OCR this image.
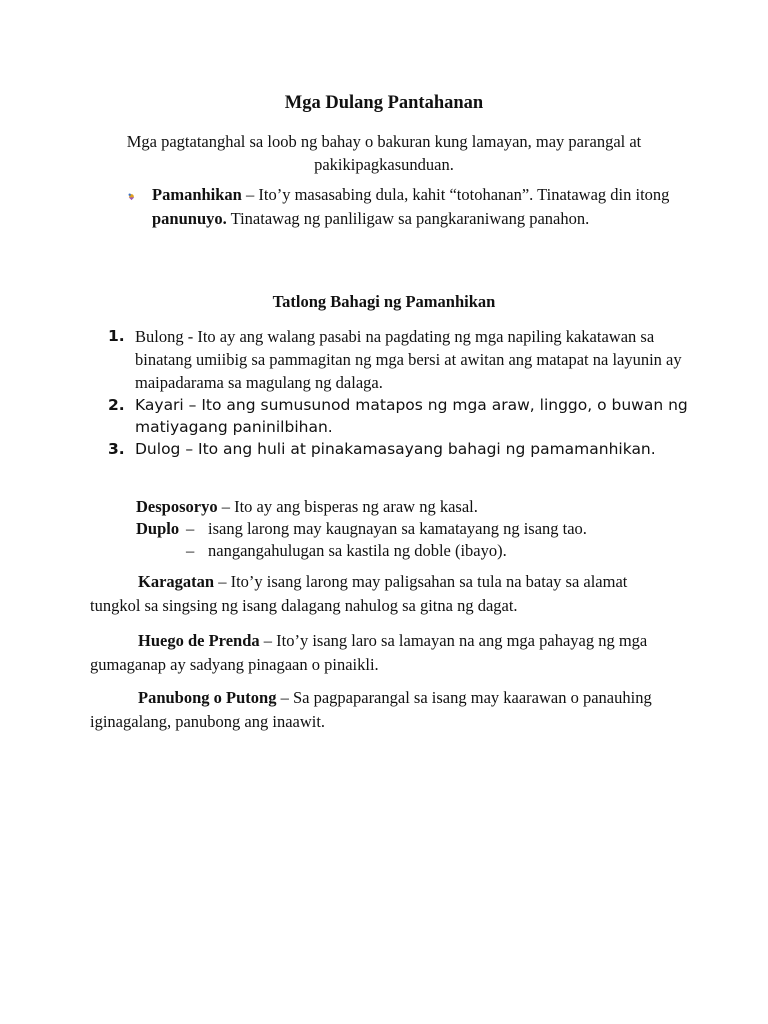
Mga Dulang Pantahanan
Mga pagtatanghal sa loob ng bahay o bakuran kung lamayan, may parangal at pakikipagkasunduan.
Pamanhikan – Ito’y masasabing dula, kahit “totohanan”. Tinatawag din itong panunuyo. Tinatawag ng panliligaw sa pangkaraniwang panahon.
Tatlong Bahagi ng Pamanhikan
1. Bulong - Ito ay ang walang pasabi na pagdating ng mga napiling kakatawan sa binatang umiibig sa pammagitan ng mga bersi at awitan ang matapat na layunin ay maipadarama sa magulang ng dalaga.
2. Kayari – Ito ang sumusunod matapos ng mga araw, linggo, o buwan ng matiyagang paninilbihan.
3. Dulog – Ito ang huli at pinakamasayang bahagi ng pamamanhikan.
Desposoryo – Ito ay ang bisperas ng araw ng kasal.
Duplo – isang larong may kaugnayan sa kamatayang ng isang tao.
– nangangahulugan sa kastila ng doble (ibayo).
Karagatan – Ito’y isang larong may paligsahan sa tula na batay sa alamat tungkol sa singsing ng isang dalagang nahulog sa gitna ng dagat.
Huego de Prenda – Ito’y isang laro sa lamayan na ang mga pahayag ng mga gumaganap ay sadyang pinagaan o pinaikli.
Panubong o Putong – Sa pagpaparangal sa isang may kaarawan o panauhing iginagalang, panubong ang inaawit.
